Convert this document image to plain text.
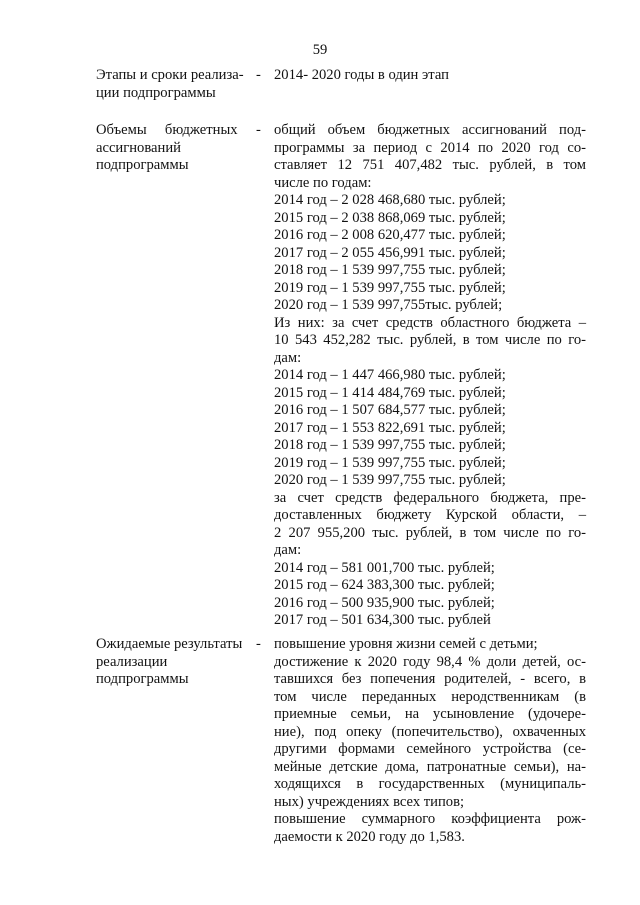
59

Этапы и сроки реализа-

ции подпрограммы

- 2014- 2020 годы в один этап

Объемы     бюджетных

ассигнований

подпрограммы

- общий объем бюджетных ассигнований под-

программы за период с 2014 по 2020 год со-

ставляет 12 751 407,482 тыс. рублей, в том

числе по годам:

2014 год – 2 028 468,680 тыс. рублей;

2015 год – 2 038 868,069 тыс. рублей;

2016 год – 2 008 620,477 тыс. рублей;

2017 год – 2 055 456,991 тыс. рублей;

2018 год – 1 539 997,755 тыс. рублей;

2019 год – 1 539 997,755 тыс. рублей;

2020 год – 1 539 997,755тыс. рублей;

Из них: за счет средств областного бюджета –

10 543 452,282 тыс. рублей, в том числе по го-

дам:

2014 год – 1 447 466,980 тыс. рублей;

2015 год – 1 414 484,769 тыс. рублей;

2016 год – 1 507 684,577 тыс. рублей;

2017 год – 1 553 822,691 тыс. рублей;

2018 год – 1 539 997,755 тыс. рублей;

2019 год – 1 539 997,755 тыс. рублей;

2020 год – 1 539 997,755 тыс. рублей;

за счет средств федерального бюджета, пре-

доставленных бюджету Курской области, –

2 207 955,200 тыс. рублей, в том числе по го-

дам:

2014 год – 581 001,700 тыс. рублей;

2015 год – 624 383,300 тыс. рублей;

2016 год – 500 935,900 тыс. рублей;

2017 год – 501 634,300 тыс. рублей

Ожидаемые результаты

реализации

подпрограммы

- повышение уровня жизни семей с детьми;

достижение к 2020 году 98,4 % доли детей, ос-

тавшихся без попечения родителей, - всего, в

том числе переданных неродственникам (в

приемные семьи, на усыновление (удочере-

ние), под опеку (попечительство), охваченных

другими формами семейного устройства (се-

мейные детские дома, патронатные семьи), на-

ходящихся в государственных (муниципаль-

ных) учреждениях всех типов;

повышение суммарного коэффициента рож-

даемости к 2020 году до 1,583.
